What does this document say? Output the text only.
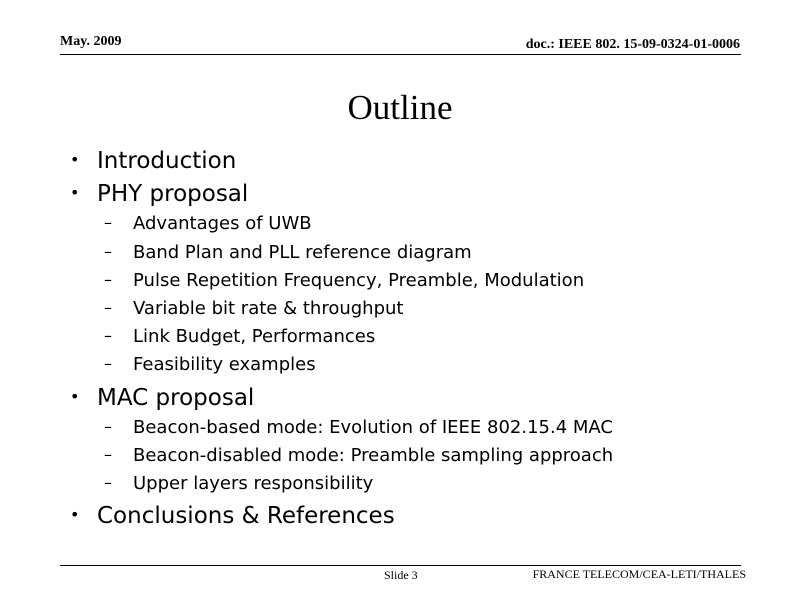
May. 2009	doc.: IEEE 802. 15-09-0324-01-0006
Outline
• Introduction
• PHY proposal
– Advantages of UWB
– Band Plan and PLL reference diagram
– Pulse Repetition Frequency, Preamble, Modulation
– Variable bit rate & throughput
– Link Budget, Performances
– Feasibility examples
• MAC proposal
– Beacon-based mode: Evolution of IEEE 802.15.4 MAC
– Beacon-disabled mode: Preamble sampling approach
– Upper layers responsibility
• Conclusions & References
Slide 3	FRANCE TELECOM/CEA-LETI/THALES
